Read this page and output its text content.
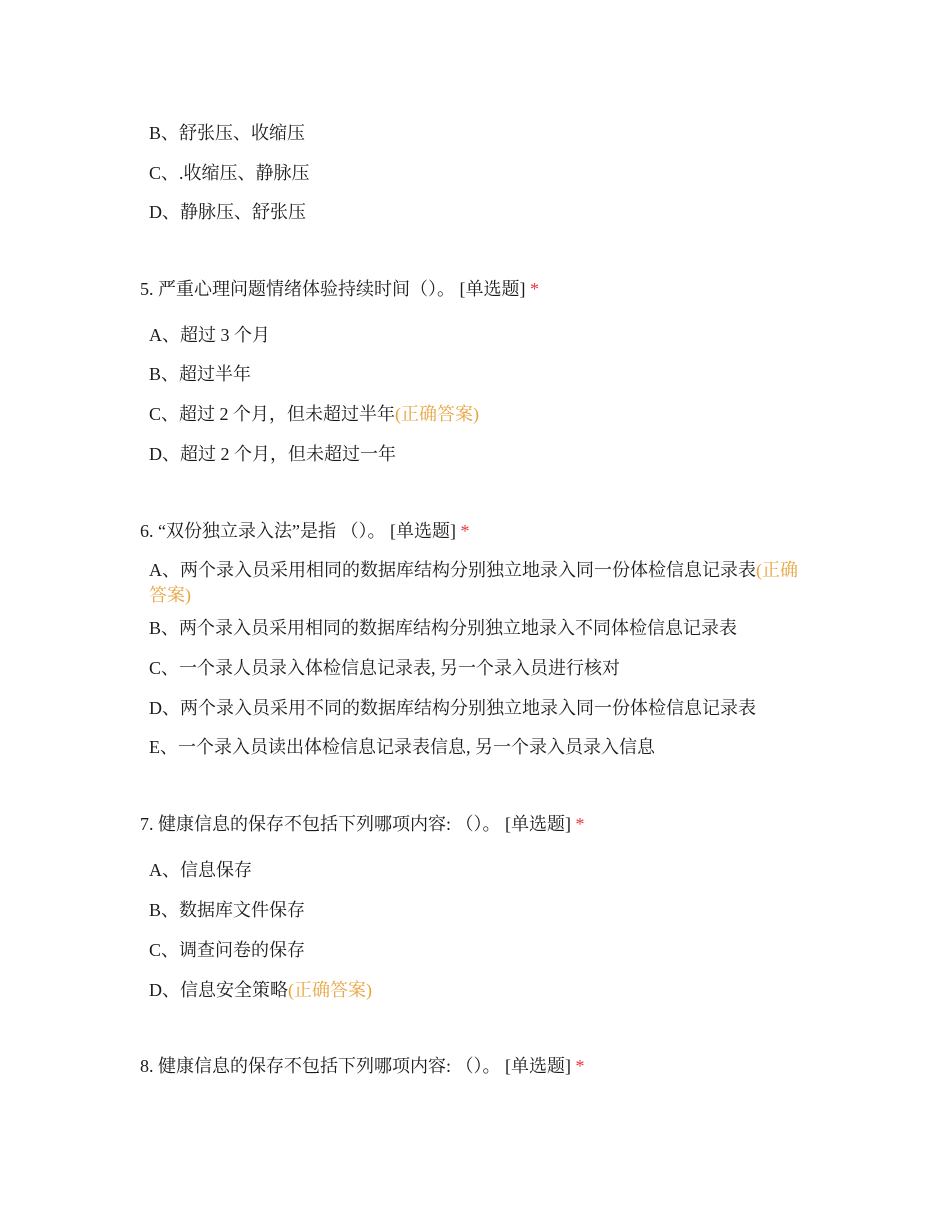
B、舒张压、收缩压
C、.收缩压、静脉压
D、静脉压、舒张压
5. 严重心理问题情绪体验持续时间（）。 [单选题] *
A、超过 3 个月
B、超过半年
C、超过 2 个月，但未超过半年(正确答案)
D、超过 2 个月，但未超过一年
6. “双份独立录入法”是指 （）。 [单选题] *
A、两个录入员采用相同的数据库结构分别独立地录入同一份体检信息记录表(正确答案)
B、两个录入员采用相同的数据库结构分别独立地录入不同体检信息记录表
C、一个录人员录入体检信息记录表, 另一个录入员进行核对
D、两个录入员采用不同的数据库结构分别独立地录入同一份体检信息记录表
E、一个录入员读出体检信息记录表信息, 另一个录入员录入信息
7. 健康信息的保存不包括下列哪项内容: （）。 [单选题] *
A、信息保存
B、数据库文件保存
C、调查问卷的保存
D、信息安全策略(正确答案)
8. 健康信息的保存不包括下列哪项内容: （）。 [单选题] *
